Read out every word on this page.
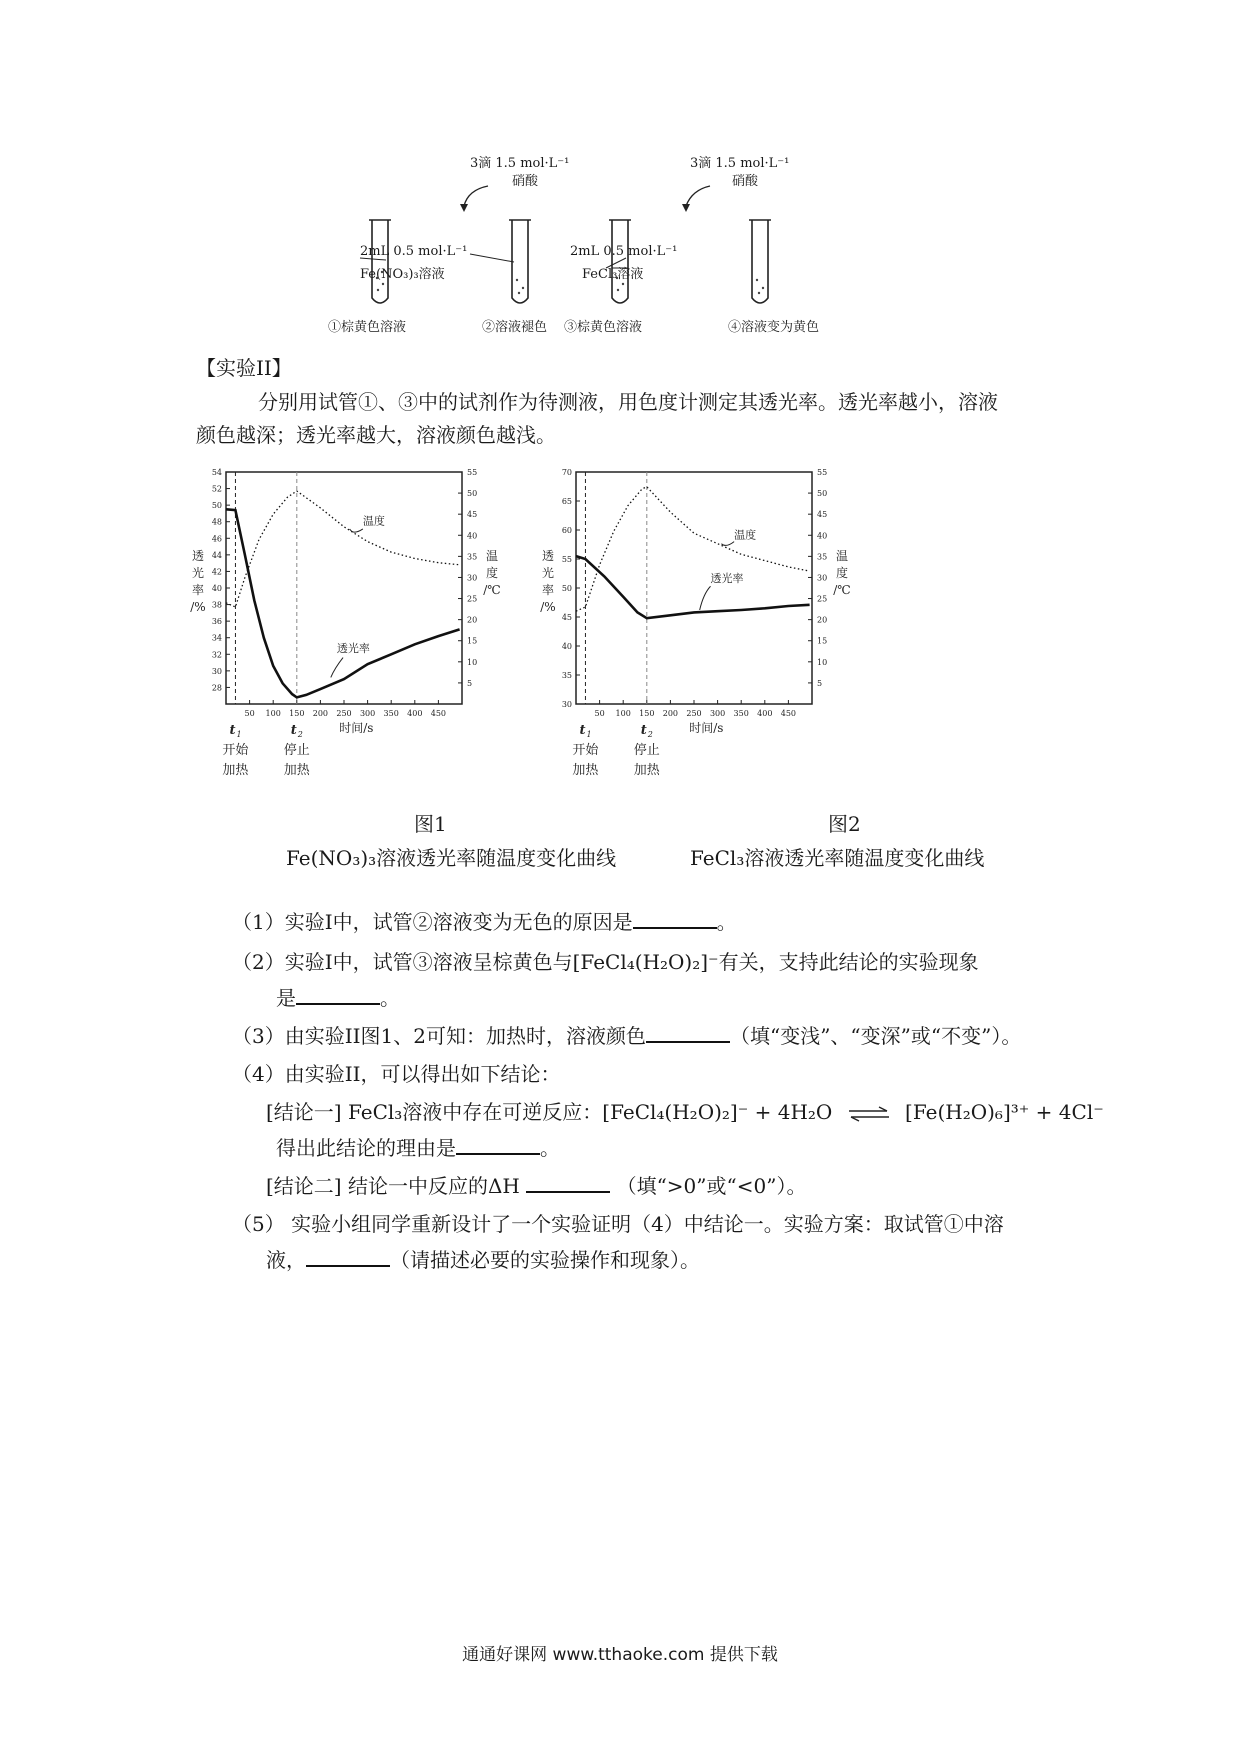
3滴 1.5 mol·L⁻¹
硝酸
3滴 1.5 mol·L⁻¹
硝酸
2mL 0.5 mol·L⁻¹
Fe(NO₃)₃溶液
2mL 0.5 mol·L⁻¹
FeCl₃溶液
①棕黄色溶液	②溶液褪色 ③棕黄色溶液	④溶液变为黄色
【实验II】
分别用试管①、③中的试剂作为待测液，用色度计测定其透光率。透光率越小，溶液
颜色越深；透光率越大，溶液颜色越浅。
28
30
32
34
36
38
40
42
44
46
48
50
52
54
5
10
15
20
25
30
35
40
45
50
55
50 100 150 200 250 300 350 400 450
时间/s
透
光
率
/%
温
度
/℃
t 1
开始
加热
t 2
停止
加热
透光率
温度
30
35
40
45
50
55
60
65
70
5
10
15
20
25
30
35
40
45
50
55
50 100 150 200 250 300 350 400 450
时间/s
透
光
率
/%
温
度
/℃
t 1
开始
加热
t 2
停止
加热
透光率
温度
图1	图2
Fe(NO₃)₃溶液透光率随温度变化曲线	FeCl₃溶液透光率随温度变化曲线
（1）实验I中，试管②溶液变为无色的原因是	。
（2）实验I中，试管③溶液呈棕黄色与[FeCl₄(H₂O)₂]⁻有关，支持此结论的实验现象
是	。
（3）由实验II图1、2可知：加热时，溶液颜色	（填“变浅”、“变深”或“不变”）。
（4）由实验II，可以得出如下结论：
[结论一] FeCl₃溶液中存在可逆反应：[FeCl₄(H₂O)₂]⁻ + 4H₂O ⇌ [Fe(H₂O)₆]³⁺ + 4Cl⁻
得出此结论的理由是	。
[结论二] 结论一中反应的ΔH	（填“>0”或“<0”）。
（5） 实验小组同学重新设计了一个实验证明（4）中结论一。实验方案：取试管①中溶
液，	（请描述必要的实验操作和现象）。
通通好课网 www.tthaoke.com 提供下载
